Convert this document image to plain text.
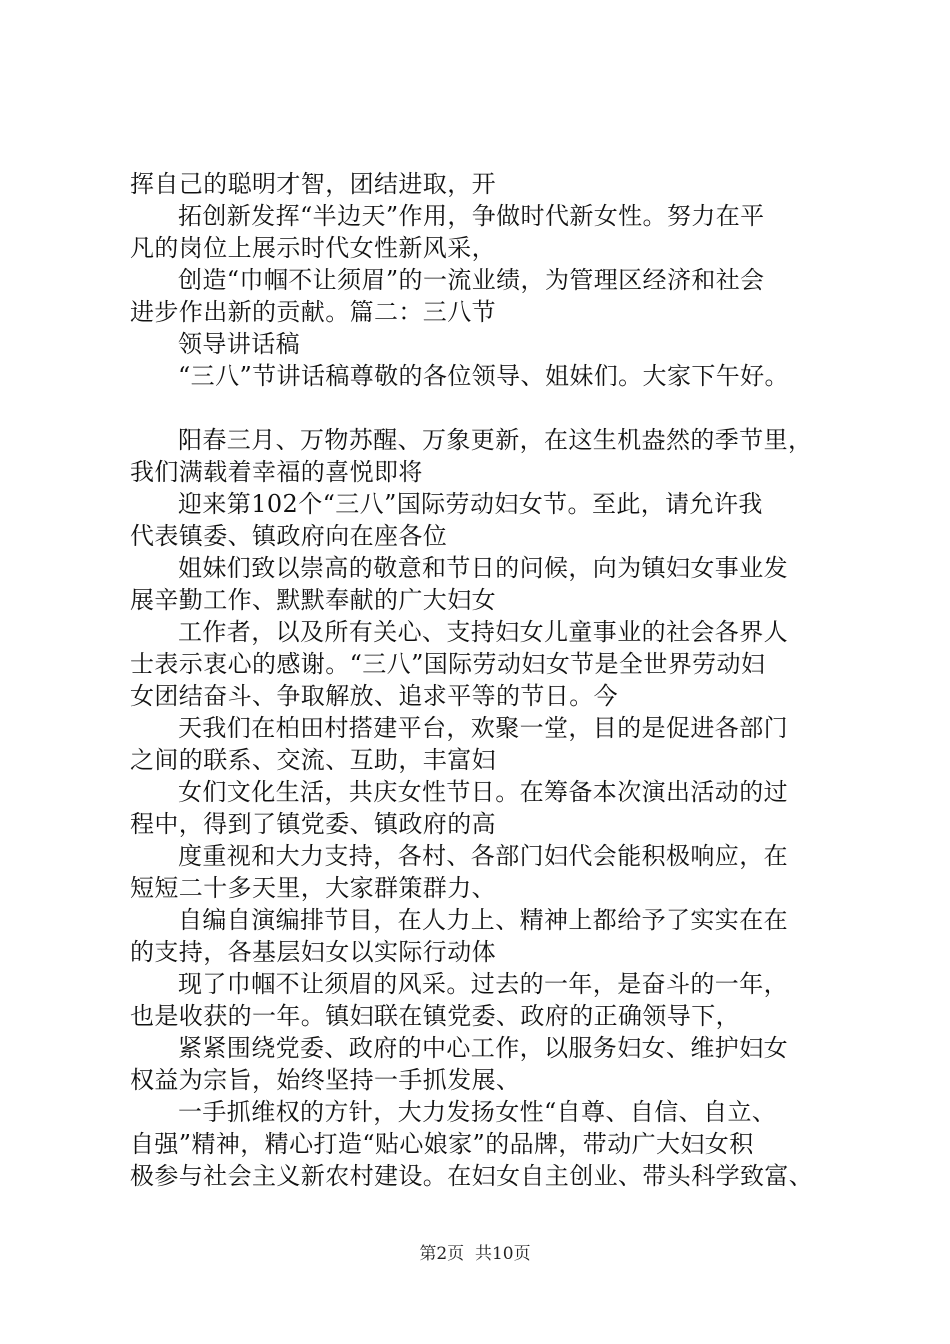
挥自己的聪明才智，团结进取，开
拓创新发挥“半边天”作用，争做时代新女性。努力在平
凡的岗位上展示时代女性新风采，
创造“巾帼不让须眉”的一流业绩，为管理区经济和社会
进步作出新的贡献。篇二：三八节
领导讲话稿
“三八”节讲话稿尊敬的各位领导、姐妹们。大家下午好。
阳春三月、万物苏醒、万象更新，在这生机盎然的季节里，
我们满载着幸福的喜悦即将
迎来第102个“三八”国际劳动妇女节。至此，请允许我
代表镇委、镇政府向在座各位
姐妹们致以崇高的敬意和节日的问候，向为镇妇女事业发
展辛勤工作、默默奉献的广大妇女
工作者，以及所有关心、支持妇女儿童事业的社会各界人
士表示衷心的感谢。“三八”国际劳动妇女节是全世界劳动妇
女团结奋斗、争取解放、追求平等的节日。今
天我们在柏田村搭建平台，欢聚一堂，目的是促进各部门
之间的联系、交流、互助，丰富妇
女们文化生活，共庆女性节日。在筹备本次演出活动的过
程中，得到了镇党委、镇政府的高
度重视和大力支持，各村、各部门妇代会能积极响应，在
短短二十多天里，大家群策群力、
自编自演编排节目，在人力上、精神上都给予了实实在在
的支持，各基层妇女以实际行动体
现了巾帼不让须眉的风采。过去的一年，是奋斗的一年，
也是收获的一年。镇妇联在镇党委、政府的正确领导下，
紧紧围绕党委、政府的中心工作，以服务妇女、维护妇女
权益为宗旨，始终坚持一手抓发展、
一手抓维权的方针，大力发扬女性“自尊、自信、自立、
自强”精神，精心打造“贴心娘家”的品牌，带动广大妇女积
极参与社会主义新农村建设。在妇女自主创业、带头科学致富、
第2页  共10页
